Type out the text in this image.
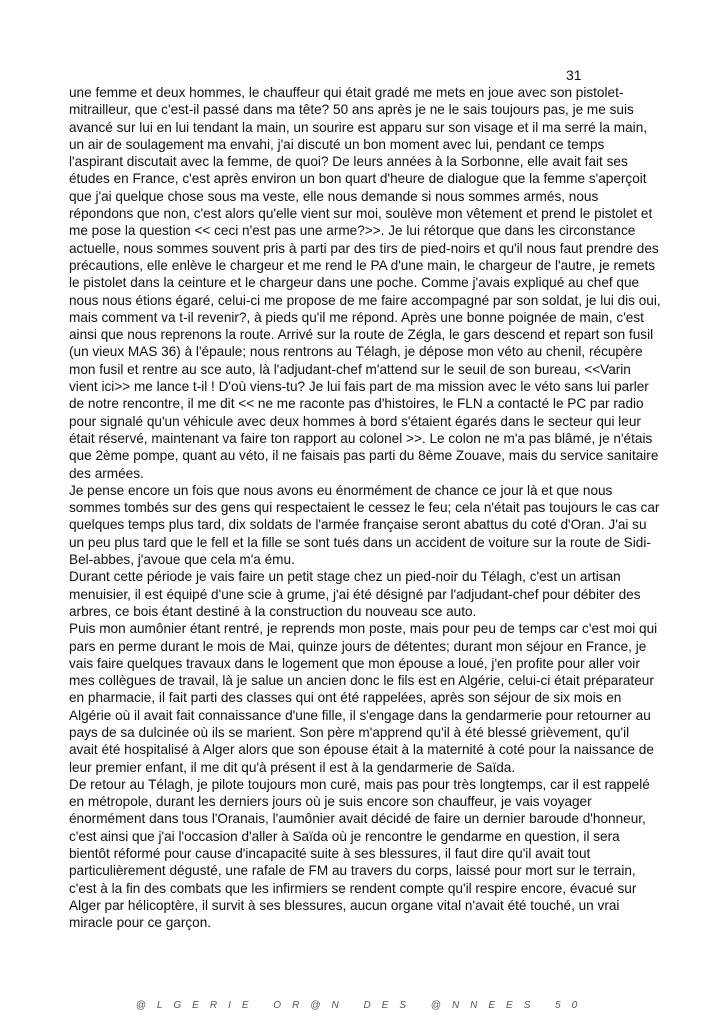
31

une femme et deux hommes, le chauffeur qui était gradé me mets en joue avec son pistolet-mitrailleur, que c'est-il passé dans ma tête? 50 ans après je ne le sais toujours pas, je me suis avancé sur lui en lui tendant la main, un sourire est apparu sur son visage et il ma serré la main, un air de soulagement ma envahi, j'ai discuté un bon moment avec lui, pendant ce temps l'aspirant discutait avec la femme, de quoi? De leurs années à la Sorbonne, elle avait fait ses études en France, c'est après environ un bon quart d'heure de dialogue que la femme s'aperçoit que j'ai quelque chose sous ma veste, elle nous demande si nous sommes armés, nous répondons que non, c'est alors qu'elle vient sur moi, soulève mon vêtement et prend le pistolet et me pose la question << ceci n'est pas une arme?>>. Je lui rétorque que dans les circonstance actuelle, nous sommes souvent pris à parti par des tirs de pied-noirs et qu'il nous faut prendre des précautions, elle enlève le chargeur et me rend le PA d'une main, le chargeur de l'autre, je remets le pistolet dans la ceinture et le chargeur dans une poche. Comme j'avais expliqué au chef que nous nous étions égaré, celui-ci me propose de me faire accompagné par son soldat, je lui dis oui, mais comment va t-il revenir?, à pieds qu'il me répond. Après une bonne poignée de main, c'est ainsi que nous reprenons la route. Arrivé sur la route de Zégla, le gars descend et repart son fusil (un vieux MAS 36) à l'épaule; nous rentrons au Télagh, je dépose mon véto au chenil, récupère mon fusil et rentre au sce auto, là l'adjudant-chef m'attend sur le seuil de son bureau, <<Varin vient ici>> me lance t-il ! D'où viens-tu? Je lui fais part de ma mission avec le véto sans lui parler de notre rencontre, il me dit << ne me raconte pas d'histoires, le FLN a contacté le PC par radio pour signalé qu'un véhicule avec deux hommes à bord s'étaient égarés dans le secteur qui leur était réservé, maintenant va faire ton rapport au colonel >>. Le colon ne m'a pas blâmé, je n'étais que 2ème pompe, quant au véto, il ne faisais pas parti du 8ème Zouave, mais du service sanitaire des armées.

Je pense encore un fois que nous avons eu énormément de chance ce jour là et que nous sommes tombés sur des gens qui respectaient le cessez le feu; cela n'était pas toujours le cas car quelques temps plus tard, dix soldats de l'armée française seront abattus du coté d'Oran. J'ai su un peu plus tard que le fell et la fille se sont tués dans un accident de voiture sur la route de Sidi-Bel-abbes, j'avoue que cela m'a ému.

Durant cette période je vais faire un petit stage chez un pied-noir du Télagh, c'est un artisan menuisier, il est équipé d'une scie à grume, j'ai été désigné par l'adjudant-chef pour débiter des arbres, ce bois étant destiné à la construction du nouveau sce auto.

Puis mon aumônier étant rentré, je reprends mon poste, mais pour peu de temps car c'est moi qui pars en perme durant le mois de Mai, quinze jours de détentes; durant mon séjour en France, je vais faire quelques travaux dans le logement que mon épouse a loué, j'en profite pour aller voir mes collègues de travail, là je salue un ancien donc le fils est en Algérie, celui-ci était préparateur en pharmacie, il fait parti des classes qui ont été rappelées, après son séjour de six mois en Algérie où il avait fait connaissance d'une fille, il s'engage dans la gendarmerie pour retourner au pays de sa dulcinée où ils se marient. Son père m'apprend qu'il à été blessé grièvement, qu'il avait été hospitalisé à Alger alors que son épouse était à la maternité à coté pour la naissance de leur premier enfant, il me dit qu'à présent il est à la gendarmerie de Saïda.

De retour au Télagh, je pilote toujours mon curé, mais pas pour très longtemps, car il est rappelé en métropole, durant les derniers jours où je suis encore son chauffeur, je vais voyager énormément dans tous l'Oranais, l'aumônier avait décidé de faire un dernier baroude d'honneur, c'est ainsi que j'ai l'occasion d'aller à Saïda où je rencontre le gendarme en question, il sera bientôt réformé pour cause d'incapacité suite à ses blessures, il faut dire qu'il avait tout particulièrement dégusté, une rafale de FM au travers du corps, laissé pour mort sur le terrain, c'est à la fin des combats que les infirmiers se rendent compte qu'il respire encore, évacué sur Alger par hélicoptère, il survit à ses blessures, aucun organe vital n'avait été touché, un vrai miracle pour ce garçon.

@LGERIE OR@N DES @NNEES 50
